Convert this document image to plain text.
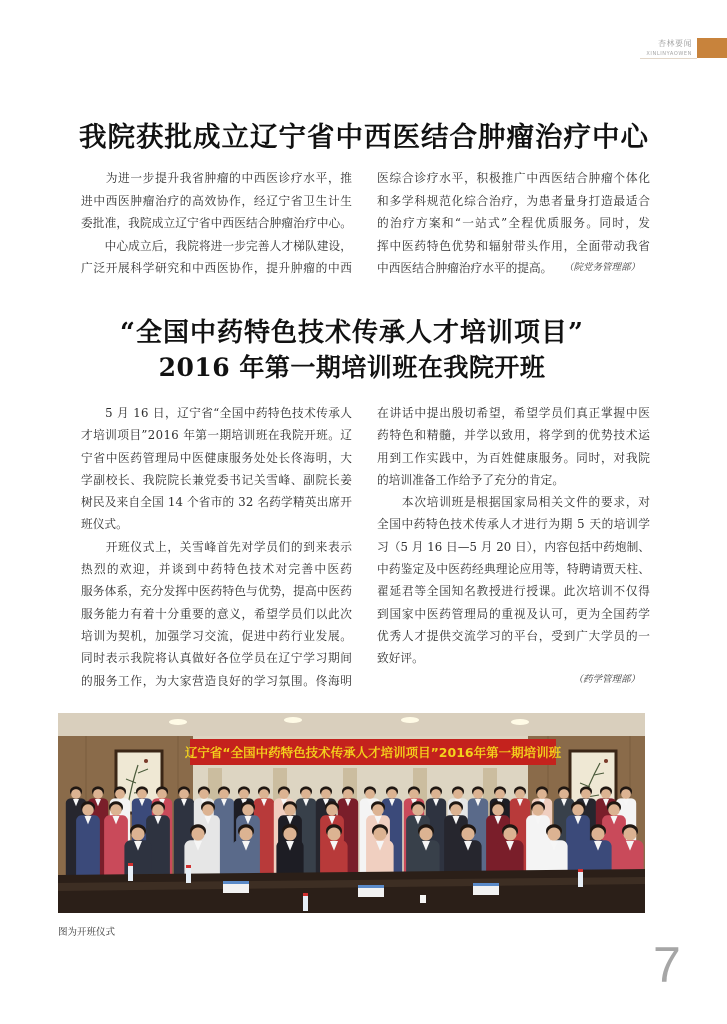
杏林要闻
XINLINYAOWEN
我院获批成立辽宁省中西医结合肿瘤治疗中心
　　为进一步提升我省肿瘤的中西医诊疗水平，推
进中西医肿瘤治疗的高效协作，经辽宁省卫生计生
委批准，我院成立辽宁省中西医结合肿瘤治疗中心。
　　中心成立后，我院将进一步完善人才梯队建设，
广泛开展科学研究和中西医协作，提升肿瘤的中西
医综合诊疗水平，积极推广中西医结合肿瘤个体化
和多学科规范化综合治疗，为患者量身打造最适合
的治疗方案和“一站式”全程优质服务。同时，发
挥中医药特色优势和辐射带头作用，全面带动我省
中西医结合肿瘤治疗水平的提高。	（院党务管理部）
“全国中药特色技术传承人才培训项目”
2016 年第一期培训班在我院开班
　　5 月 16 日，辽宁省“全国中药特色技术传承人
才培训项目”2016 年第一期培训班在我院开班。辽
宁省中医药管理局中医健康服务处处长佟海明，大
学副校长、我院院长兼党委书记关雪峰、副院长姜
树民及来自全国 14 个省市的 32 名药学精英出席开
班仪式。
　　开班仪式上，关雪峰首先对学员们的到来表示
热烈的欢迎，并谈到中药特色技术对完善中医药
服务体系，充分发挥中医药特色与优势，提高中医药
服务能力有着十分重要的意义，希望学员们以此次
培训为契机，加强学习交流，促进中药行业发展。
同时表示我院将认真做好各位学员在辽宁学习期间
的服务工作，为大家营造良好的学习氛围。佟海明
在讲话中提出殷切希望，希望学员们真正掌握中医
药特色和精髓，并学以致用，将学到的优势技术运
用到工作实践中，为百姓健康服务。同时，对我院
的培训准备工作给予了充分的肯定。
　　本次培训班是根据国家局相关文件的要求，对
全国中药特色技术传承人才进行为期 5 天的培训学
习（5 月 16 日—5 月 20 日），内容包括中药炮制、
中药鉴定及中医药经典理论应用等，特聘请贾天柱、
翟延君等全国知名教授进行授课。此次培训不仅得
到国家中医药管理局的重视及认可，更为全国药学
优秀人才提供交流学习的平台，受到广大学员的一
致好评。
（药学管理部）
辽宁省“全国中药特色技术传承人才培训项目”2016年第一期培训班
图为开班仪式
7
